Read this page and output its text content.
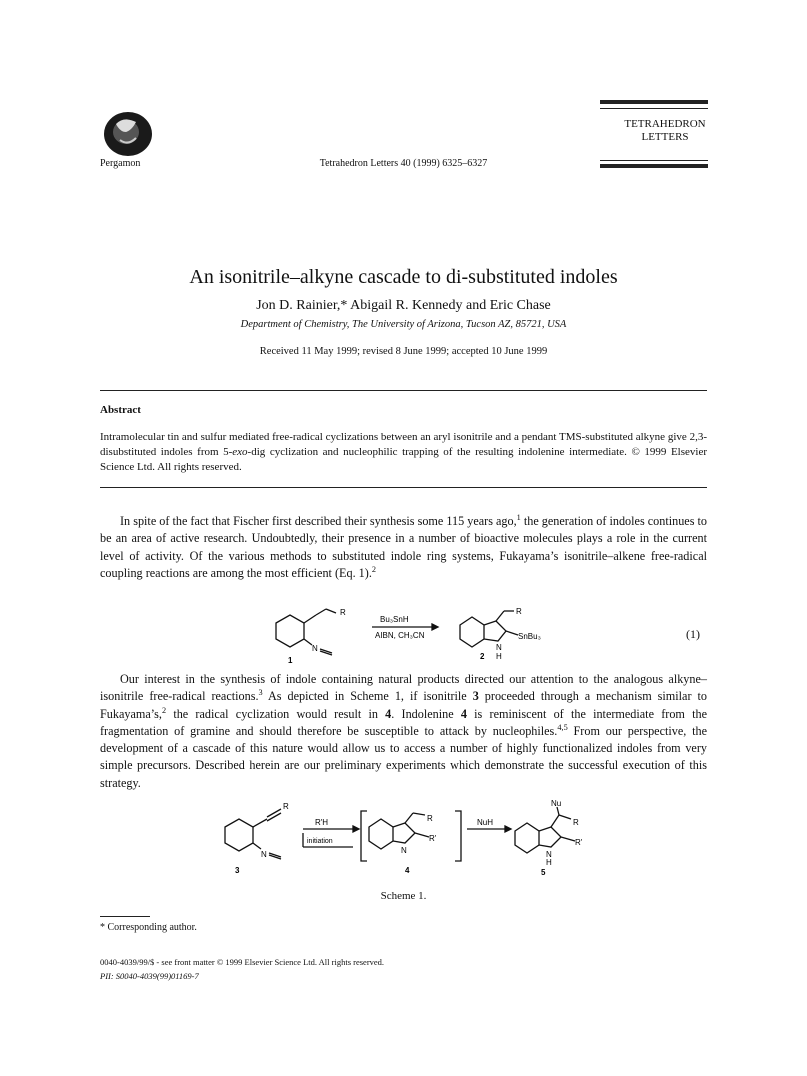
Pergamon	Tetrahedron Letters 40 (1999) 6325–6327
TETRAHEDRON
LETTERS
An isonitrile–alkyne cascade to di-substituted indoles
Jon D. Rainier,* Abigail R. Kennedy and Eric Chase
Department of Chemistry, The University of Arizona, Tucson AZ, 85721, USA
Received 11 May 1999; revised 8 June 1999; accepted 10 June 1999
Abstract
Intramolecular tin and sulfur mediated free-radical cyclizations between an aryl isonitrile and a pendant TMS-substituted alkyne give 2,3-disubstituted indoles from 5-exo-dig cyclization and nucleophilic trapping of the resulting indolenine intermediate. © 1999 Elsevier Science Ltd. All rights reserved.

In spite of the fact that Fischer first described their synthesis some 115 years ago,$^1$ the generation of indoles continues to be an area of active research. Undoubtedly, their presence in a number of bioactive molecules plays a role in the current level of activity. Of the various methods to substituted indole ring systems, Fukayama’s isonitrile–alkene free-radical coupling reactions are among the most efficient (Eq. 1).$^2$

R
N
1
Bu₃SnH
AIBN, CH₃CN
R
SnBu₃
N
H
2
(1)

Our interest in the synthesis of indole containing natural products directed our attention to the analogous alkyne–isonitrile free-radical reactions.$^3$ As depicted in Scheme 1, if isonitrile 3 proceeded through a mechanism similar to Fukayama’s,$^2$ the radical cyclization would result in 4. Indolenine 4 is reminiscent of the intermediate from the fragmentation of gramine and should therefore be susceptible to attack by nucleophiles.$^{4,5}$ From our perspective, the development of a cascade of this nature would allow us to access a number of highly functionalized indoles from very simple precursors. Described herein are our preliminary experiments which demonstrate the successful execution of this strategy.

R
N
3
R'H
initiation
R
R'
N
4
NuH
Nu
R
R'
N
H
5
Scheme 1.
* Corresponding author.
0040-4039/99/$ - see front matter © 1999 Elsevier Science Ltd. All rights reserved.
PII: S0040-4039(99)01169-7
